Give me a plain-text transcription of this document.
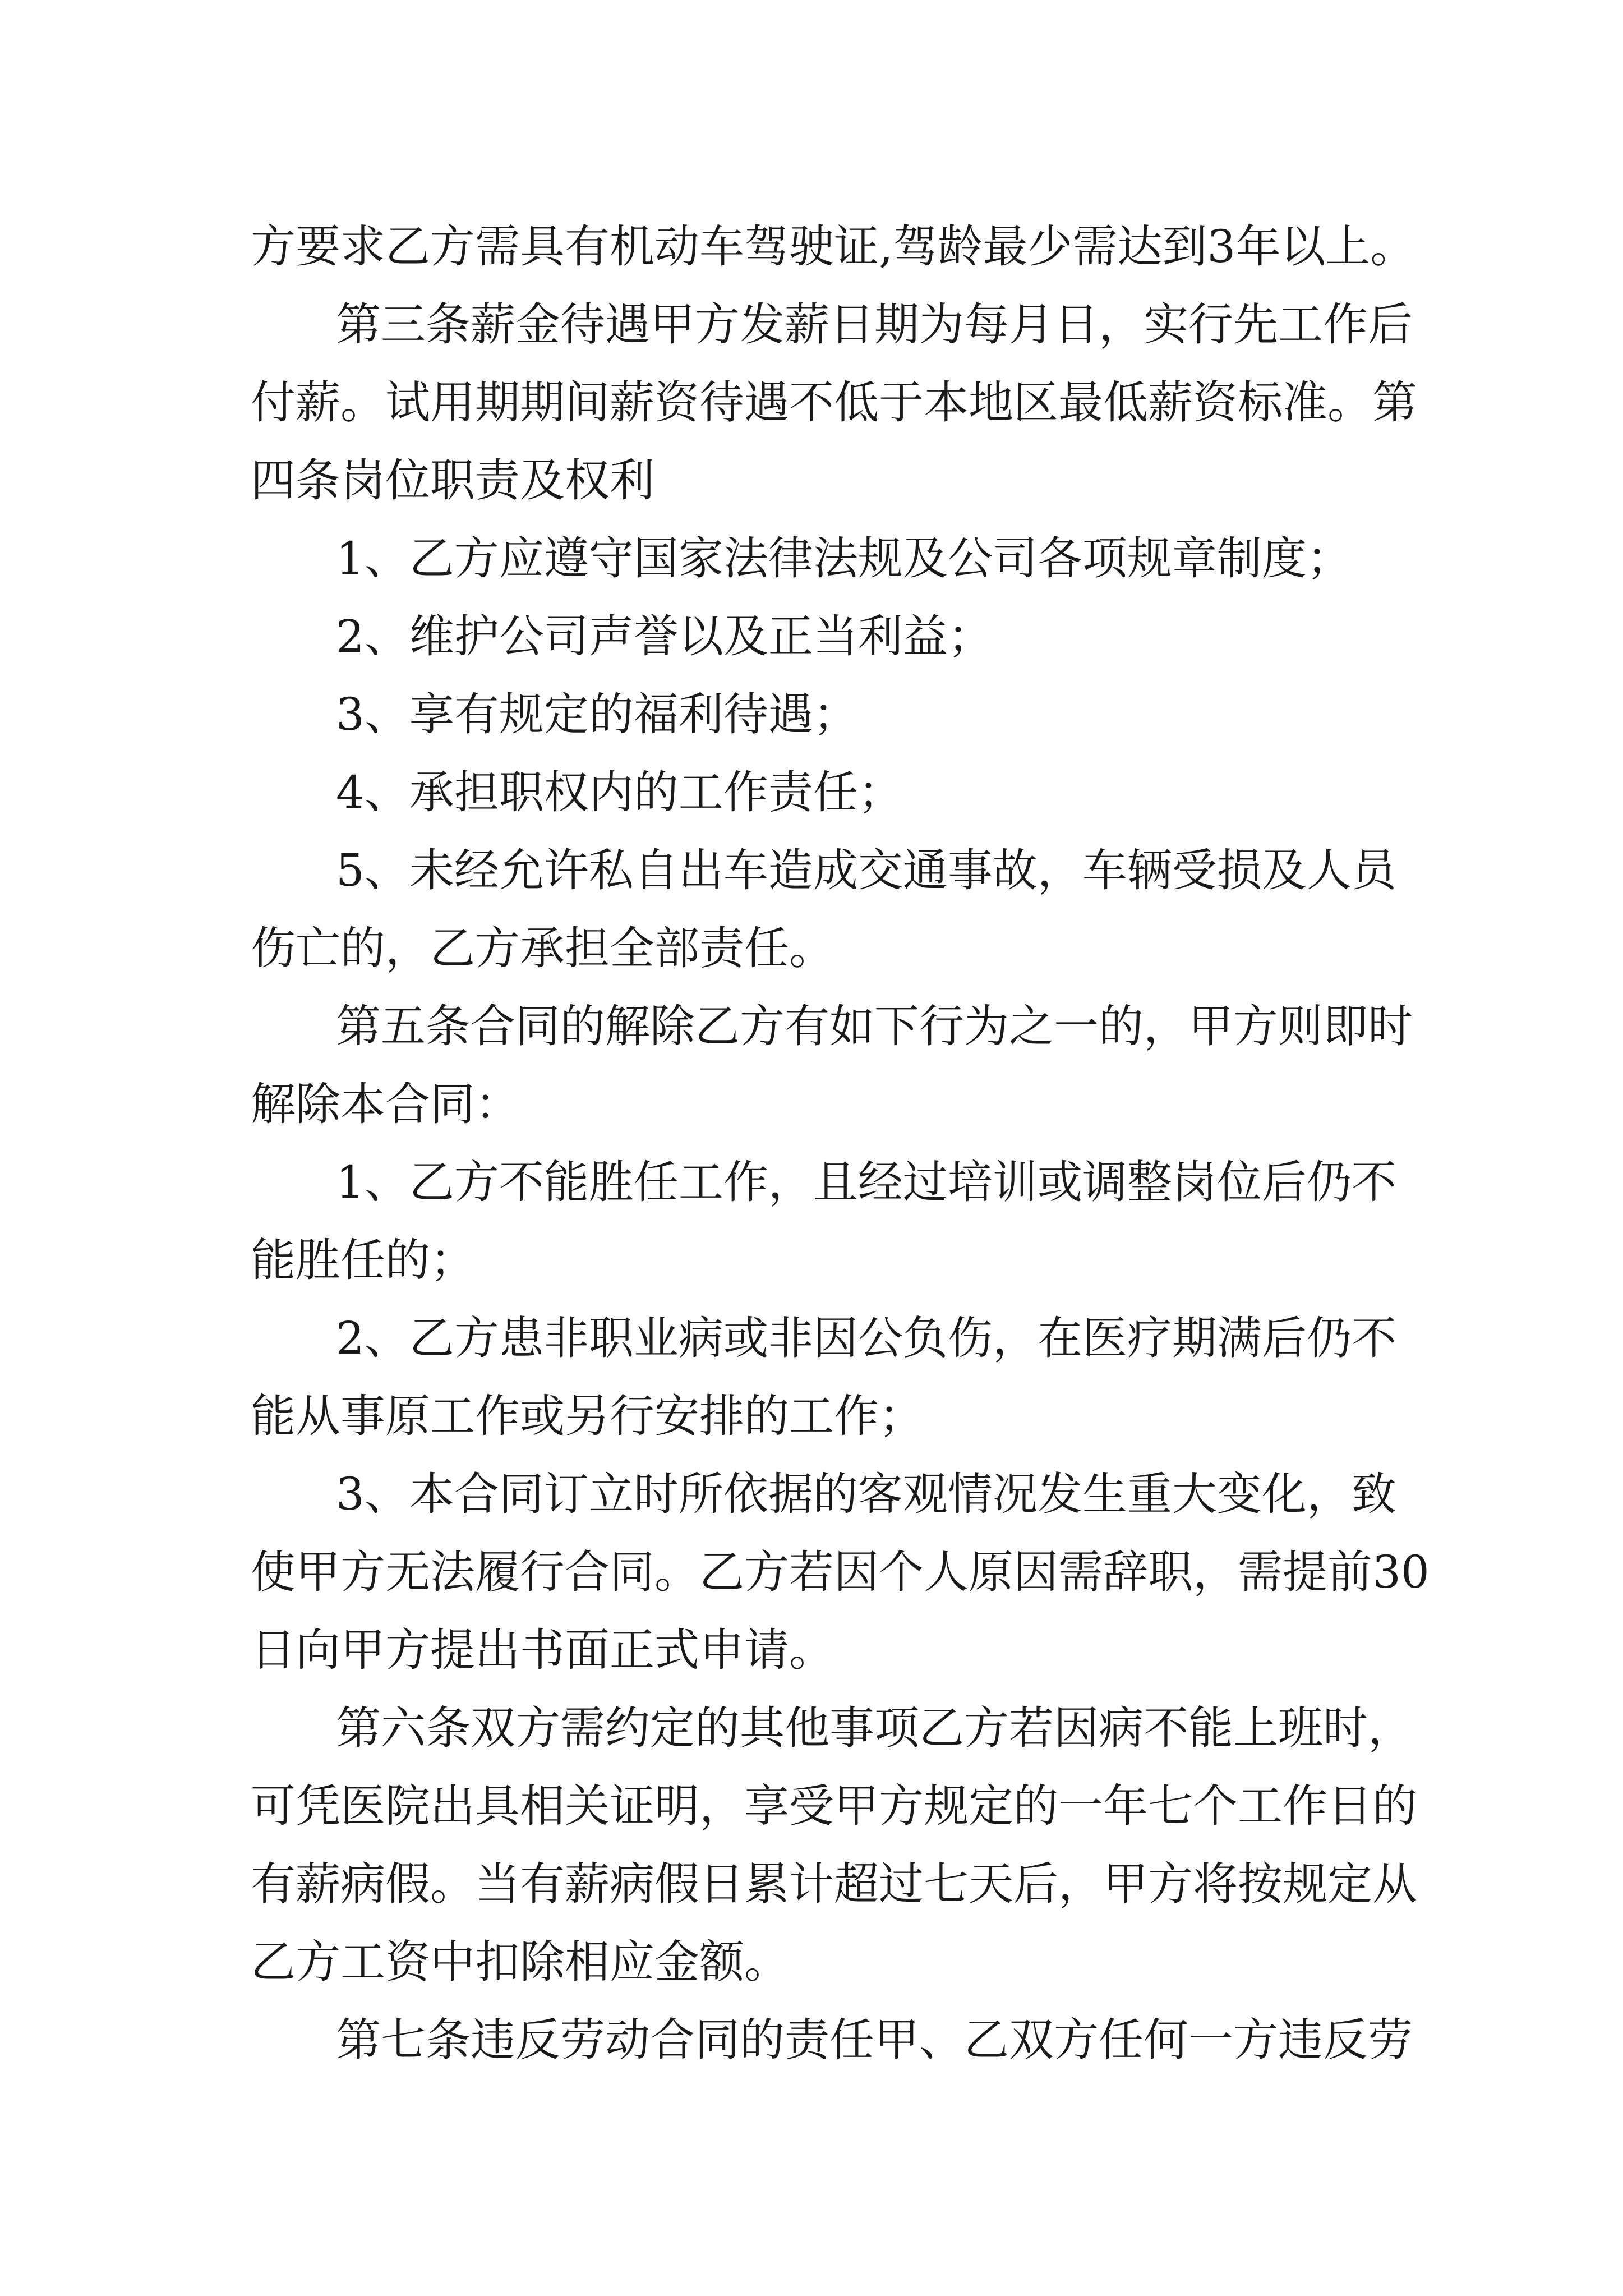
方要求乙方需具有机动车驾驶证,驾龄最少需达到3年以上。
第三条薪金待遇甲方发薪日期为每月日，实行先工作后
付薪。试用期期间薪资待遇不低于本地区最低薪资标准。第
四条岗位职责及权利
1、乙方应遵守国家法律法规及公司各项规章制度；
2、维护公司声誉以及正当利益；
3、享有规定的福利待遇；
4、承担职权内的工作责任；
5、未经允许私自出车造成交通事故，车辆受损及人员
伤亡的，乙方承担全部责任。
第五条合同的解除乙方有如下行为之一的，甲方则即时
解除本合同：
1、乙方不能胜任工作，且经过培训或调整岗位后仍不
能胜任的；
2、乙方患非职业病或非因公负伤，在医疗期满后仍不
能从事原工作或另行安排的工作；
3、本合同订立时所依据的客观情况发生重大变化，致
使甲方无法履行合同。乙方若因个人原因需辞职，需提前30
日向甲方提出书面正式申请。
第六条双方需约定的其他事项乙方若因病不能上班时，
可凭医院出具相关证明，享受甲方规定的一年七个工作日的
有薪病假。当有薪病假日累计超过七天后，甲方将按规定从
乙方工资中扣除相应金额。
第七条违反劳动合同的责任甲、乙双方任何一方违反劳
